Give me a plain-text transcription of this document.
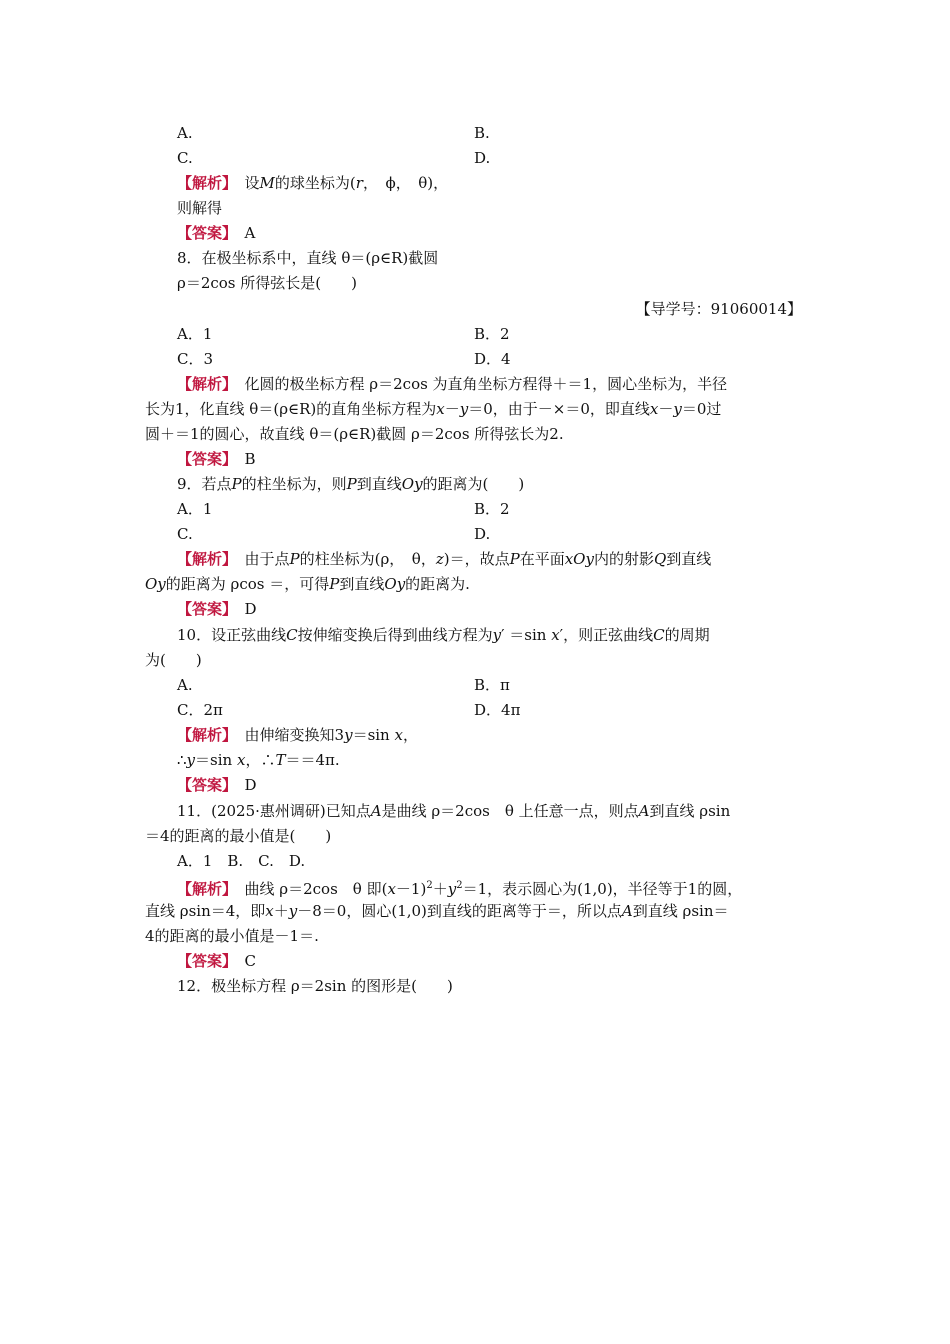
A.	B.
C.	D.
【解析】　 设M的球坐标为(r，　 ϕ，　 θ)，
则解得
【答案】　 A
8．在极坐标系中，直线 θ＝(ρ∈R)截圆
ρ＝2cos 所得弦长是(　　)
【导学号：91060014】
A．1	B．2
C．3	D．4
【解析】　 化圆的极坐标方程 ρ＝2cos 为直角坐标方程得＋＝1，圆心坐标为，半径
长为1，化直线 θ＝(ρ∈R)的直角坐标方程为x－y＝0，由于－×＝0，即直线x－y＝0过
圆＋＝1的圆心，故直线 θ＝(ρ∈R)截圆 ρ＝2cos 所得弦长为2.
【答案】　 B
9．若点P的柱坐标为，则P到直线Oy的距离为(　　)
A．1	B．2
C.	D.
【解析】　 由于点P的柱坐标为(ρ，　θ，z)＝，故点P在平面xOy内的射影Q到直线
Oy的距离为 ρcos ＝，可得P到直线Oy的距离为.
【答案】　 D
10．设正弦曲线C按伸缩变换后得到曲线方程为y′ ＝sin x′，则正弦曲线C的周期
为(　　)
A.	B．π
C．2π	D．4π
【解析】　 由伸缩变换知3y＝sin x，
∴y＝sin x，∴T＝＝4π.
【答案】　 D
11．(2025·惠州调研)已知点A是曲线 ρ＝2cos　θ 上任意一点，则点A到直线 ρsin
＝4的距离的最小值是(　　)
A．1　B.　C.　D.
【解析】　 曲线 ρ＝2cos　θ 即$(x-1)^2+y^2=1$，表示圆心为(1,0)，半径等于1的圆，
直线 ρsin＝4，即x＋y－8＝0，圆心(1,0)到直线的距离等于＝，所以点A到直线 ρsin＝
4的距离的最小值是－1＝.
【答案】　 C
12．极坐标方程 ρ＝2sin 的图形是(　　)
